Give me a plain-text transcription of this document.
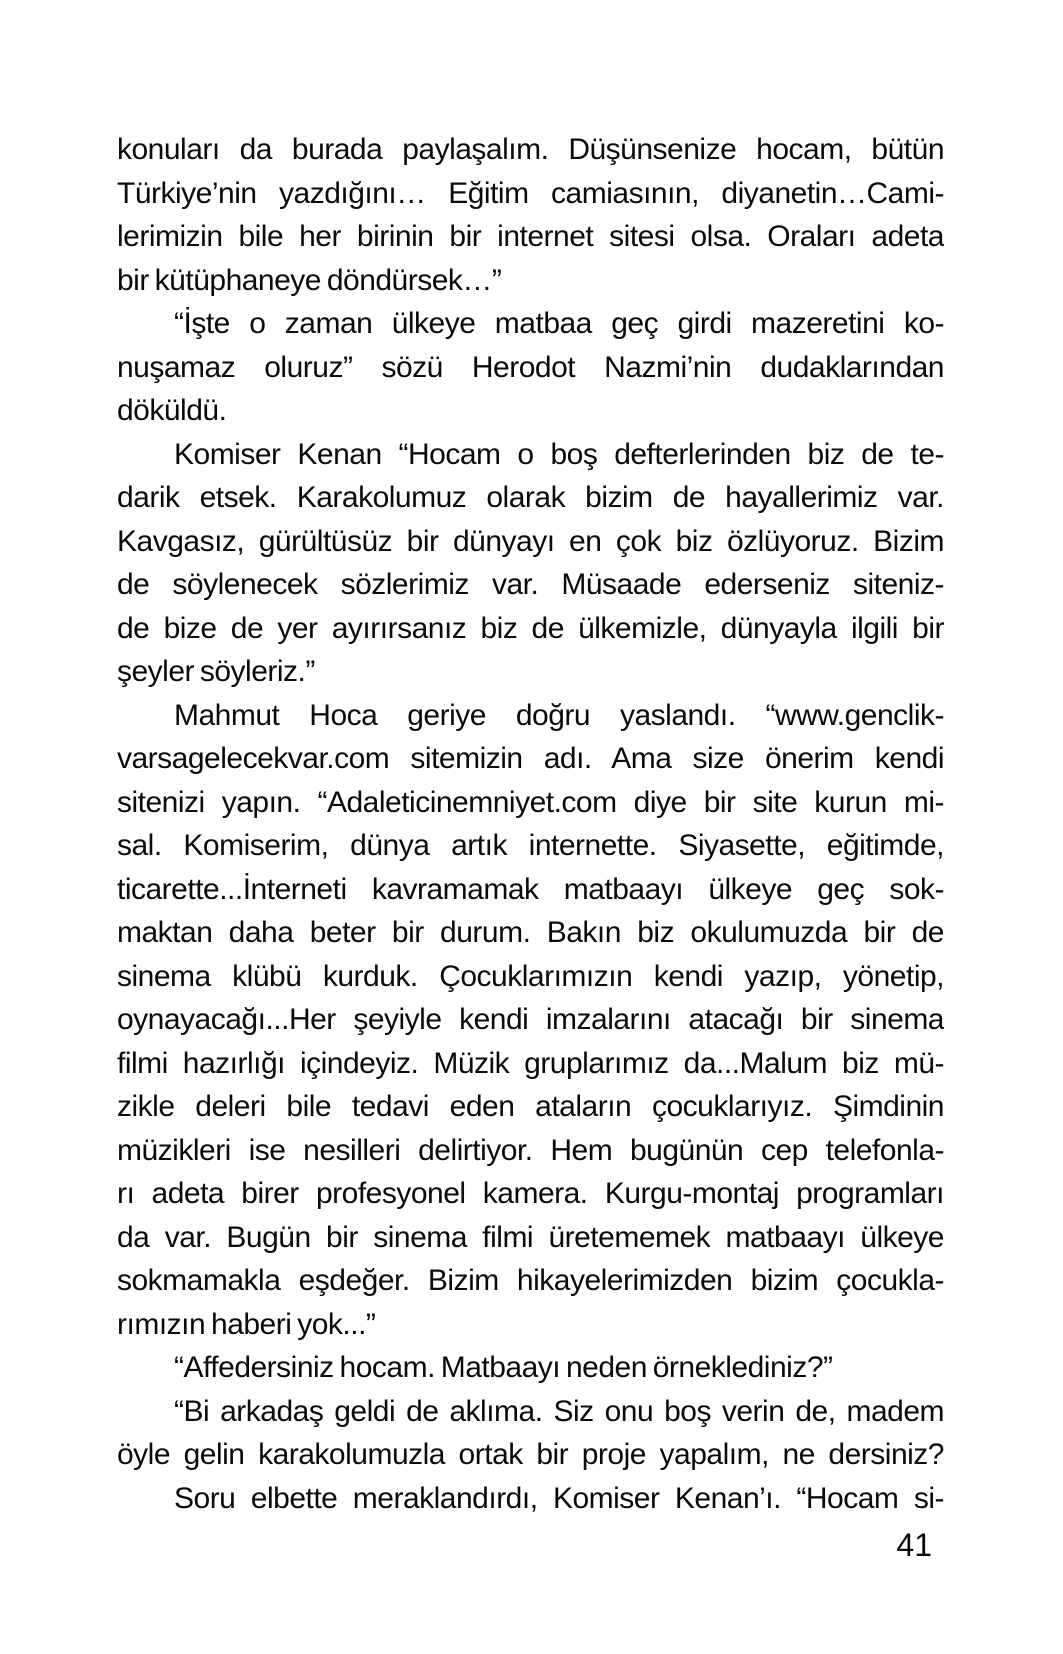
konuları da burada paylaşalım. Düşünsenize hocam, bütün
Türkiye’nin yazdığını… Eğitim camiasının, diyanetin…Cami-
lerimizin bile her birinin bir internet sitesi olsa. Oraları adeta
bir kütüphaneye döndürsek…”
“İşte o zaman ülkeye matbaa geç girdi mazeretini ko-
nuşamaz oluruz” sözü Herodot Nazmi’nin dudaklarından
döküldü.
Komiser Kenan “Hocam o boş defterlerinden biz de te-
darik etsek. Karakolumuz olarak bizim de hayallerimiz var.
Kavgasız, gürültüsüz bir dünyayı en çok biz özlüyoruz. Bizim
de söylenecek sözlerimiz var. Müsaade ederseniz siteniz-
de bize de yer ayırırsanız biz de ülkemizle, dünyayla ilgili bir
şeyler söyleriz.”
Mahmut Hoca geriye doğru yaslandı. “www.genclik-
varsagelecekvar.com sitemizin adı. Ama size önerim kendi
sitenizi yapın. “Adaleticinemniyet.com diye bir site kurun mi-
sal. Komiserim, dünya artık internette. Siyasette, eğitimde,
ticarette...İnterneti kavramamak matbaayı ülkeye geç sok-
maktan daha beter bir durum. Bakın biz okulumuzda bir de
sinema klübü kurduk. Çocuklarımızın kendi yazıp, yönetip,
oynayacağı...Her şeyiyle kendi imzalarını atacağı bir sinema
filmi hazırlığı içindeyiz. Müzik gruplarımız da...Malum biz mü-
zikle deleri bile tedavi eden ataların çocuklarıyız. Şimdinin
müzikleri ise nesilleri delirtiyor. Hem bugünün cep telefonla-
rı adeta birer profesyonel kamera. Kurgu-montaj programları
da var. Bugün bir sinema filmi üretememek matbaayı ülkeye
sokmamakla eşdeğer. Bizim hikayelerimizden bizim çocukla-
rımızın haberi yok...”
“Affedersiniz hocam. Matbaayı neden örneklediniz?”
“Bi arkadaş geldi de aklıma. Siz onu boş verin de, madem
öyle gelin karakolumuzla ortak bir proje yapalım, ne dersiniz?
Soru elbette meraklandırdı, Komiser Kenan’ı. “Hocam si-
41
